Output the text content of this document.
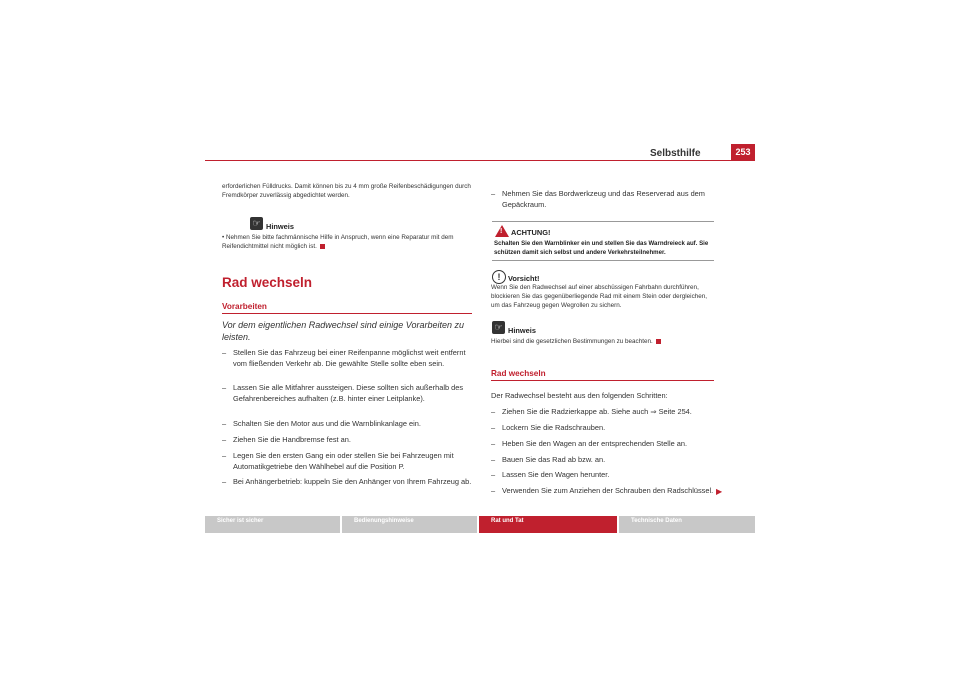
Selbsthilfe	253
erforderlichen Fülldrucks. Damit können bis zu 4 mm große Reifenbeschädigungen durch Fremdkörper zuverlässig abgedichtet werden.
☞ Hinweis
• Nehmen Sie bitte fachmännische Hilfe in Anspruch, wenn eine Reparatur mit dem Reifendichtmittel nicht möglich ist.
Rad wechseln
Vorarbeiten
Vor dem eigentlichen Radwechsel sind einige Vorarbeiten zu leisten.
– Stellen Sie das Fahrzeug bei einer Reifenpanne möglichst weit entfernt vom fließenden Verkehr ab. Die gewählte Stelle sollte eben sein.
– Lassen Sie alle Mitfahrer aussteigen. Diese sollten sich außerhalb des Gefahrenbereiches aufhalten (z.B. hinter einer Leitplanke).
– Schalten Sie den Motor aus und die Warnblinkanlage ein.
– Ziehen Sie die Handbremse fest an.
– Legen Sie den ersten Gang ein oder stellen Sie bei Fahrzeugen mit Automatikgetriebe den Wählhebel auf die Position P.
– Bei Anhängerbetrieb: kuppeln Sie den Anhänger von Ihrem Fahrzeug ab.
– Nehmen Sie das Bordwerkzeug und das Reserverad aus dem Gepäckraum.
! ACHTUNG!
Schalten Sie den Warnblinker ein und stellen Sie das Warndreieck auf. Sie schützen damit sich selbst und andere Verkehrsteilnehmer.
!	Vorsicht!
Wenn Sie den Radwechsel auf einer abschüssigen Fahrbahn durchführen, blockieren Sie das gegenüberliegende Rad mit einem Stein oder dergleichen, um das Fahrzeug gegen Wegrollen zu sichern.
☞ Hinweis
Hierbei sind die gesetzlichen Bestimmungen zu beachten.
Rad wechseln
Der Radwechsel besteht aus den folgenden Schritten:
– Ziehen Sie die Radzierkappe ab. Siehe auch ⇒ Seite 254.
– Lockern Sie die Radschrauben.
– Heben Sie den Wagen an der entsprechenden Stelle an.
– Bauen Sie das Rad ab bzw. an.
– Lassen Sie den Wagen herunter.
– Verwenden Sie zum Anziehen der Schrauben den Radschlüssel. ▶
Sicher ist sicher	Bedienungshinweise	Rat und Tat	Technische Daten
